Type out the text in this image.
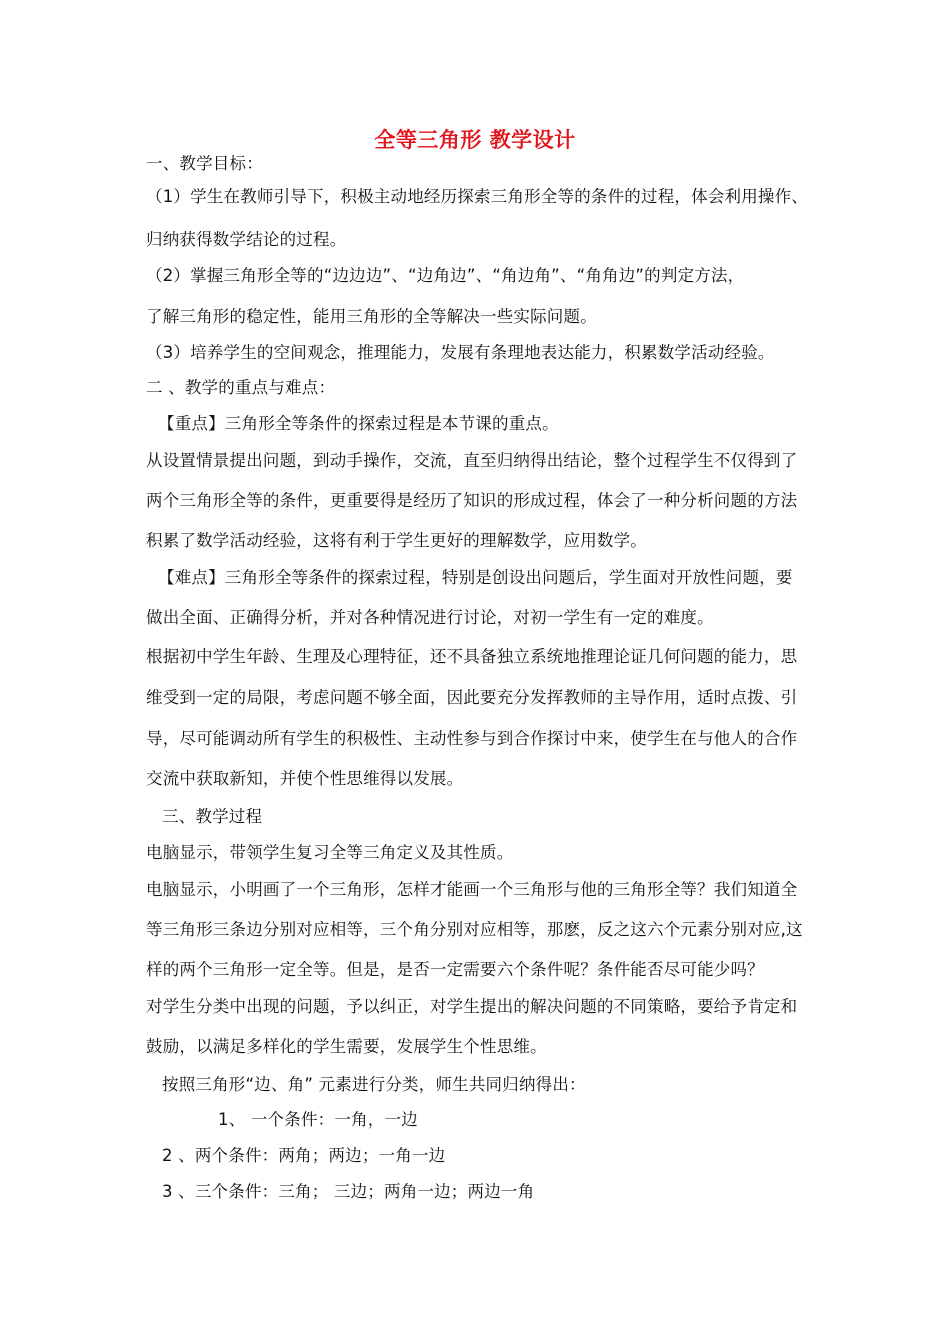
全等三角形 教学设计
一、教学目标：
（1）学生在教师引导下，积极主动地经历探索三角形全等的条件的过程，体会利用操作、
归纳获得数学结论的过程。
（2）掌握三角形全等的“边边边”、“边角边”、“角边角”、“角角边”的判定方法，
了解三角形的稳定性，能用三角形的全等解决一些实际问题。
（3）培养学生的空间观念，推理能力，发展有条理地表达能力，积累数学活动经验。
二 、教学的重点与难点：
【重点】三角形全等条件的探索过程是本节课的重点。
从设置情景提出问题，到动手操作，交流，直至归纳得出结论，整个过程学生不仅得到了
两个三角形全等的条件，更重要得是经历了知识的形成过程，体会了一种分析问题的方法
积累了数学活动经验，这将有利于学生更好的理解数学，应用数学。
【难点】三角形全等条件的探索过程，特别是创设出问题后，学生面对开放性问题，要
做出全面、正确得分析，并对各种情况进行讨论，对初一学生有一定的难度。
根据初中学生年龄、生理及心理特征，还不具备独立系统地推理论证几何问题的能力，思
维受到一定的局限，考虑问题不够全面，因此要充分发挥教师的主导作用，适时点拨、引
导，尽可能调动所有学生的积极性、主动性参与到合作探讨中来，使学生在与他人的合作
交流中获取新知，并使个性思维得以发展。
三、教学过程
电脑显示，带领学生复习全等三角定义及其性质。
电脑显示，小明画了一个三角形，怎样才能画一个三角形与他的三角形全等？我们知道全
等三角形三条边分别对应相等，三个角分别对应相等，那麽，反之这六个元素分别对应,这
样的两个三角形一定全等。但是，是否一定需要六个条件呢？条件能否尽可能少吗？
对学生分类中出现的问题，予以纠正，对学生提出的解决问题的不同策略，要给予肯定和
鼓励，以满足多样化的学生需要，发展学生个性思维。
按照三角形“边、角” 元素进行分类，师生共同归纳得出：
1、 一个条件：一角，一边
2 、两个条件：两角；两边；一角一边
3 、三个条件：三角； 三边；两角一边；两边一角
